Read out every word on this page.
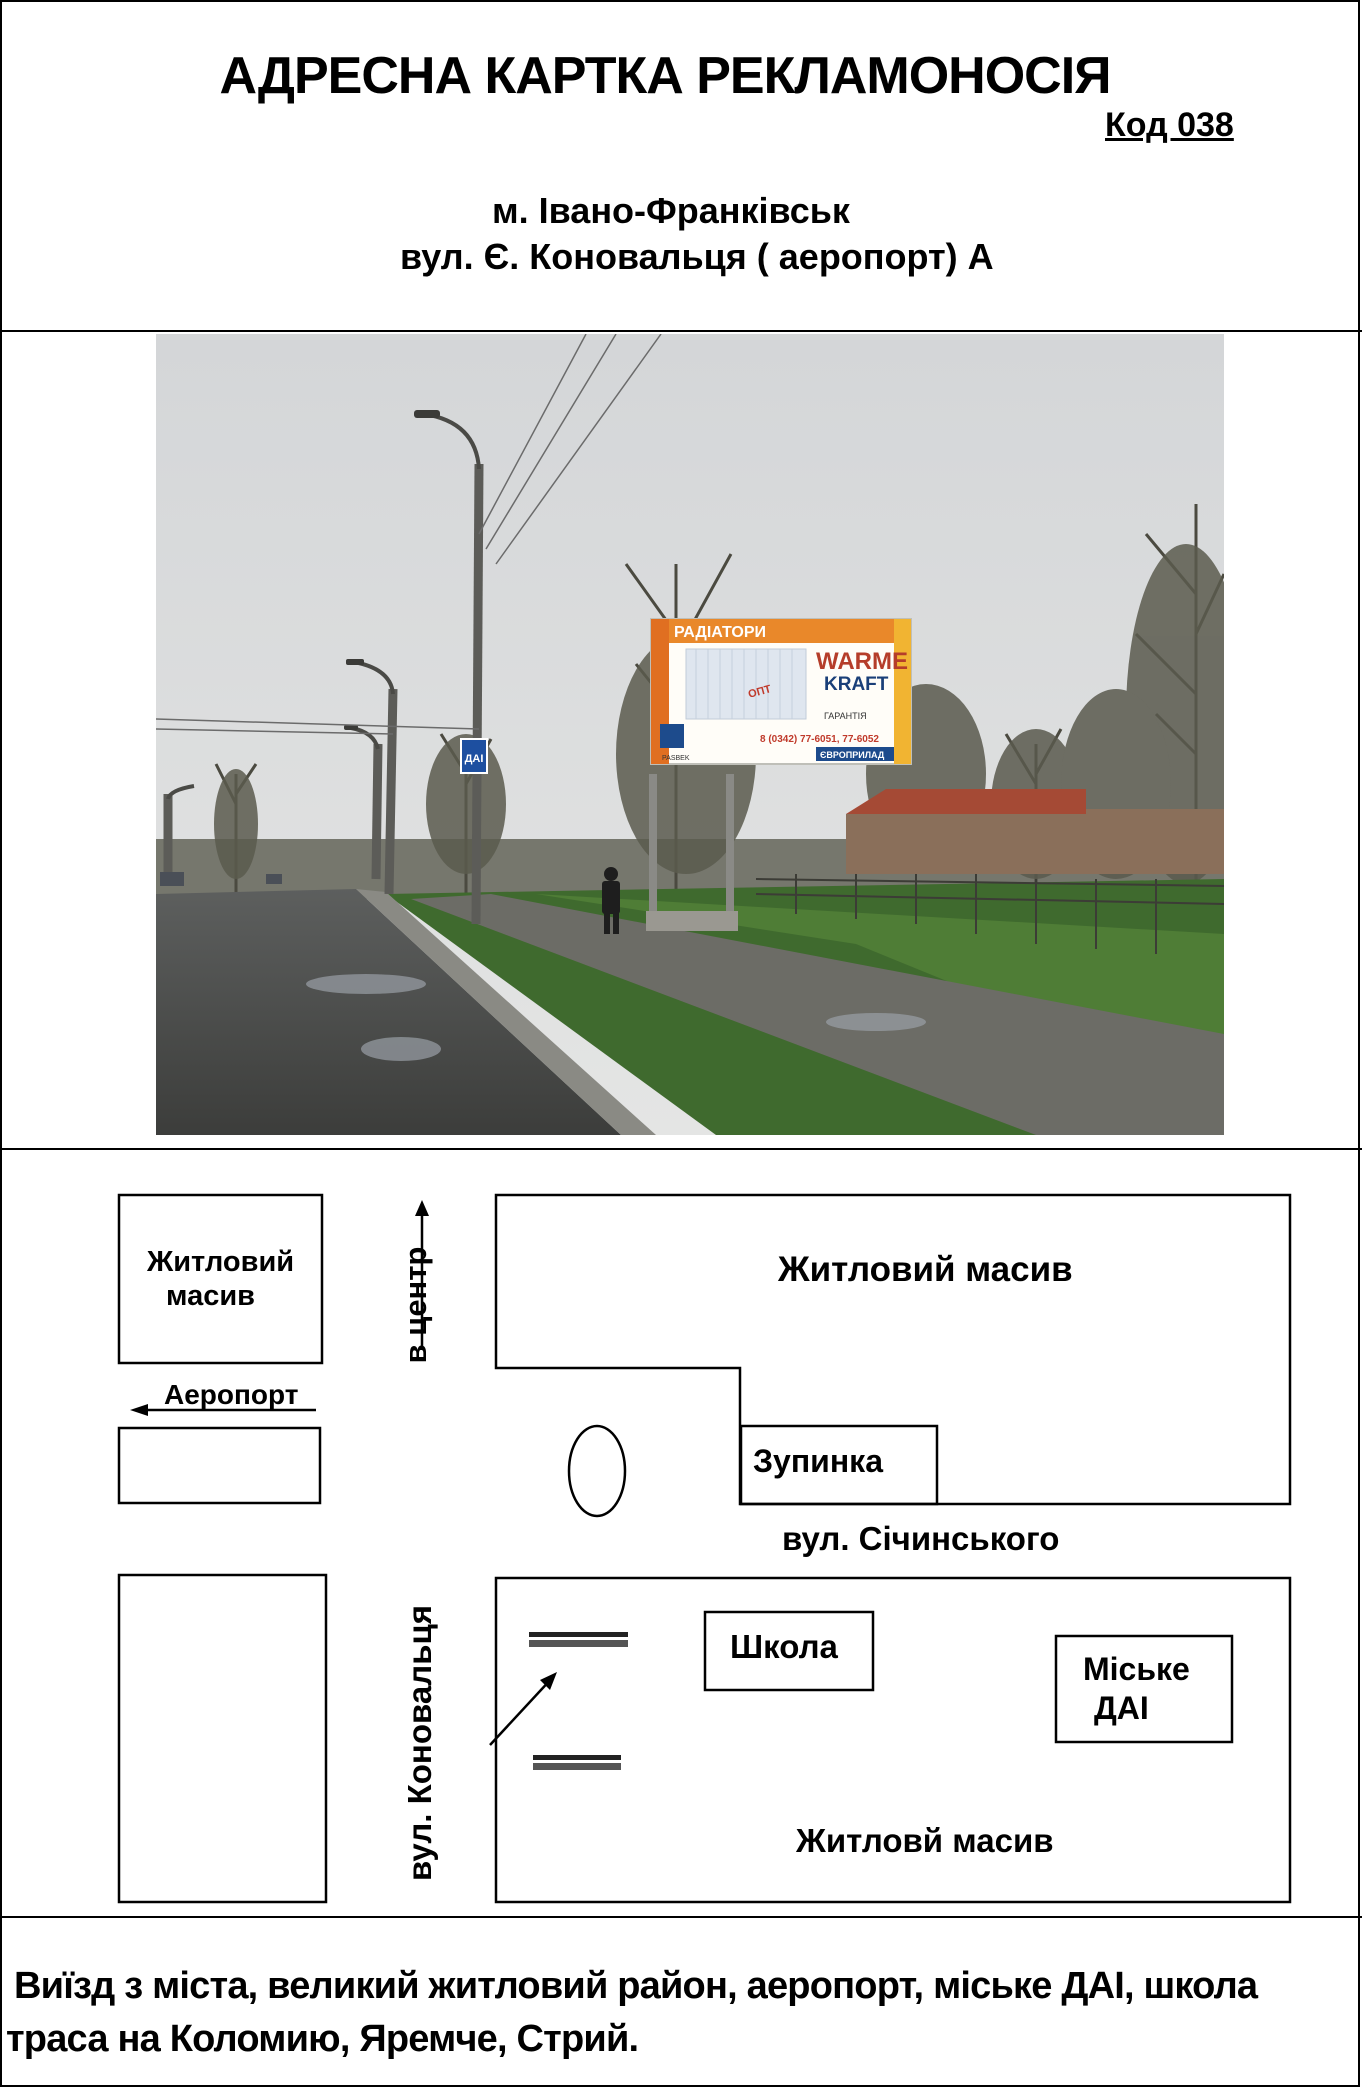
АДРЕСНА КАРТКА РЕКЛАМОНОСІЯ
Код 038
м. Івано-Франківськ
вул. Є. Коновальця ( аеропорт) А
ДАІ
РАДІАТОРИ
WARME
KRAFT
ОПТ
ГАРАНТІЯ
PASBEK
8 (0342) 77-6051, 77-6052
ЄВРОПРИЛАД
Житловий
масив
Житловий масив
в центр
Аеропорт
Зупинка
вул. Січинського
вул. Коновальця	Школа
Міське
ДАІ
Житловй масив
Виїзд з міста, великий житловий район, аеропорт, міське ДАІ, школа
траса на Коломию, Яремче, Стрий.
